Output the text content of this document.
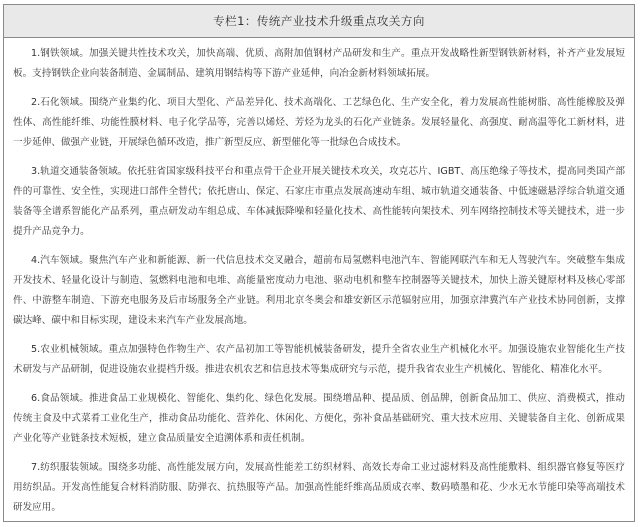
专栏1：传统产业技术升级重点攻关方向

1.钢铁领域。加强关键共性技术攻关，加快高端、优质、高附加值钢材产品研发和生产。重点开发战略性新型钢铁新材料，补齐产业发展短板。支持钢铁企业向装备制造、金属制品、建筑用钢结构等下游产业延伸，向冶金新材料领域拓展。

2.石化领域。围绕产业集约化、项目大型化、产品差异化、技术高端化、工艺绿色化、生产安全化，着力发展高性能树脂、高性能橡胶及弹性体、高性能纤维、功能性膜材料、电子化学品等，完善以烯烃、芳烃为龙头的石化产业链条。发展轻量化、高强度、耐高温等化工新材料，进一步延伸、做强产业链，开展绿色循环改造，推广新型反应、新型催化等一批绿色合成技术。

3.轨道交通装备领域。依托驻省国家级科技平台和重点骨干企业开展关键技术攻关，攻克芯片、IGBT、高压绝缘子等技术，提高同类国产部件的可靠性、安全性，实现进口部件全替代；依托唐山、保定、石家庄市重点发展高速动车组、城市轨道交通装备、中低速磁悬浮综合轨道交通装备等全谱系智能化产品系列，重点研发动车组总成、车体减振降噪和轻量化技术、高性能转向架技术、列车网络控制技术等关键技术，进一步提升产品竞争力。

4.汽车领域。聚焦汽车产业和新能源、新一代信息技术交叉融合，超前布局氢燃料电池汽车、智能网联汽车和无人驾驶汽车。突破整车集成开发技术、轻量化设计与制造、氢燃料电池和电堆、高能量密度动力电池、驱动电机和整车控制器等关键技术，加快上游关键原材料及核心零部件、中游整车制造、下游充电服务及后市场服务全产业链。利用北京冬奥会和雄安新区示范辐射应用，加强京津冀汽车产业技术协同创新，支撑碳达峰、碳中和目标实现，建设未来汽车产业发展高地。

5.农业机械领域。重点加强特色作物生产、农产品初加工等智能机械装备研发，提升全省农业生产机械化水平。加强设施农业智能化生产技术研发与产品研制，促进设施农业提档升级。推进农机农艺和信息技术等集成研究与示范，提升我省农业生产机械化、智能化、精准化水平。

6.食品领域。推进食品工业规模化、智能化、集约化、绿色化发展。围绕增品种、提品质、创品牌，创新食品加工、供应、消费模式，推动传统主食及中式菜肴工业化生产，推动食品功能化、营养化、休闲化、方便化，弥补食品基础研究、重大技术应用、关键装备自主化、创新成果产业化等产业链条技术短板，建立食品质量安全追溯体系和责任机制。

7.纺织服装领域。围绕多功能、高性能发展方向，发展高性能差工纺织材料、高效长寿命工业过滤材料及高性能敷料、组织器官修复等医疗用纺织品。开发高性能复合材料消防服、防弹衣、抗热服等产品。加强高性能纤维高品质成衣率、数码喷墨和花、少水无水节能印染等高端技术研发应用。
